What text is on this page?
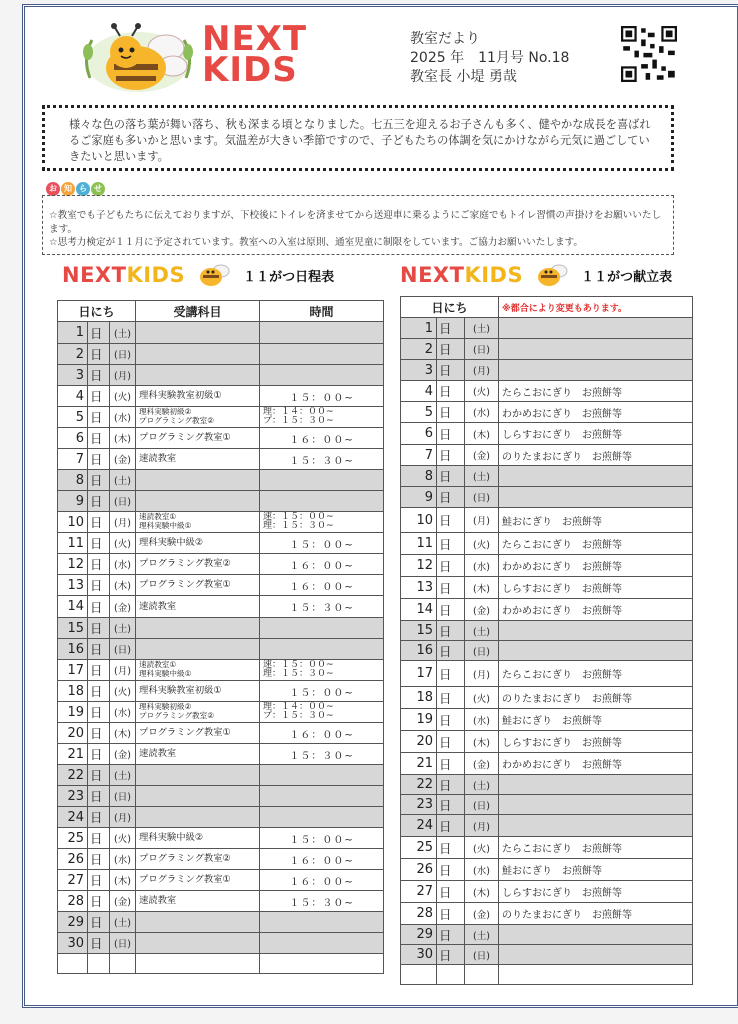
NEXT
KIDS
教室だより
2025 年　11月号 No.18
教室長 小堤 勇哉
様々な色の落ち葉が舞い落ち、秋も深まる頃となりました。七五三を迎えるお子さんも多く、健やかな成長を喜ばれるご家庭も多いかと思います。気温差が大きい季節ですので、子どもたちの体調を気にかけながら元気に過ごしていきたいと思います。
お 知 ら せ
☆教室でも子どもたちに伝えておりますが、下校後にトイレを済ませてから送迎車に乗るようにご家庭でもトイレ習慣の声掛けをお願いいたします。
☆思考力検定が１１月に予定されています。教室への入室は原則、通室児童に制限をしています。ご協力お願いいたします。
NEXTKIDS	１１がつ日程表	NEXTKIDS	１１がつ献立表
日にち			受講科目	時間
1	日	(土)		
2	日	(日)		
3	日	(月)		
4	日	(火)	理科実験教室初級①	１５：００~
5	日	(水)	理科実験初級②
プログラミング教室②	理：１４：００~
プ：１５：３０~
6	日	(木)	プログラミング教室①	１６：００~
7	日	(金)	速読教室	１５：３０~
8	日	(土)		
9	日	(日)		
10	日	(月)	速読教室①
理科実験中級①	速：１５：００~
理：１５：３０~
11	日	(火)	理科実験中級②	１５：００~
12	日	(水)	プログラミング教室②	１６：００~
13	日	(木)	プログラミング教室①	１６：００~
14	日	(金)	速読教室	１５：３０~
15	日	(土)		
16	日	(日)		
17	日	(月)	速読教室①
理科実験中級①	速：１５：００~
理：１５：３０~
18	日	(火)	理科実験教室初級①	１５：００~
19	日	(水)	理科実験初級②
プログラミング教室②	理：１４：００~
プ：１５：３０~
20	日	(木)	プログラミング教室①	１６：００~
21	日	(金)	速読教室	１５：３０~
22	日	(土)		
23	日	(日)		
24	日	(月)		
25	日	(火)	理科実験中級②	１５：００~
26	日	(水)	プログラミング教室②	１６：００~
27	日	(木)	プログラミング教室①	１６：００~
28	日	(金)	速読教室	１５：３０~
29	日	(土)		
30	日	(日)		

日にち			※都合により変更もあります。
1	日	(土)	
2	日	(日)	
3	日	(月)	
4	日	(火)	たらこおにぎり　お煎餅等
5	日	(水)	わかめおにぎり　お煎餅等
6	日	(木)	しらすおにぎり　お煎餅等
7	日	(金)	のりたまおにぎり　お煎餅等
8	日	(土)	
9	日	(日)	
10	日	(月)	鮭おにぎり　お煎餅等
11	日	(火)	たらこおにぎり　お煎餅等
12	日	(水)	わかめおにぎり　お煎餅等
13	日	(木)	しらすおにぎり　お煎餅等
14	日	(金)	わかめおにぎり　お煎餅等
15	日	(土)	
16	日	(日)	
17	日	(月)	たらこおにぎり　お煎餅等
18	日	(火)	のりたまおにぎり　お煎餅等
19	日	(水)	鮭おにぎり　お煎餅等
20	日	(木)	しらすおにぎり　お煎餅等
21	日	(金)	わかめおにぎり　お煎餅等
22	日	(土)	
23	日	(日)	
24	日	(月)	
25	日	(火)	たらこおにぎり　お煎餅等
26	日	(水)	鮭おにぎり　お煎餅等
27	日	(木)	しらすおにぎり　お煎餅等
28	日	(金)	のりたまおにぎり　お煎餅等
29	日	(土)	
30	日	(日)	
